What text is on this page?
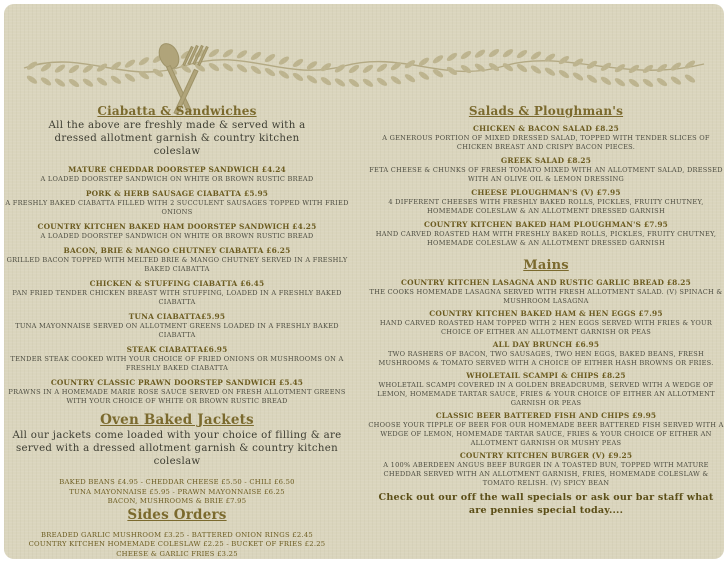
Ciabatta & Sandwiches
All the above are freshly made & served with a dressed allotment garnish & country kitchen coleslaw
MATURE CHEDDAR DOORSTEP SANDWICH £4.24
A LOADED DOORSTEP SANDWICH ON WHITE OR BROWN RUSTIC BREAD
PORK & HERB SAUSAGE CIABATTA £5.95
A FRESHLY BAKED CIABATTA FILLED WITH 2 SUCCULENT SAUSAGES TOPPED WITH FRIED ONIONS
COUNTRY KITCHEN BAKED HAM DOORSTEP SANDWICH £4.25
A LOADED DOORSTEP SANDWICH ON WHITE OR BROWN RUSTIC BREAD
BACON, BRIE & MANGO CHUTNEY CIABATTA £6.25
GRILLED BACON TOPPED WITH MELTED BRIE & MANGO CHUTNEY SERVED IN A FRESHLY BAKED CIABATTA
CHICKEN & STUFFING CIABATTA £6.45
PAN FRIED TENDER CHICKEN BREAST WITH STUFFING, LOADED IN A FRESHLY BAKED CIABATTA
TUNA CIABATTA£5.95
TUNA MAYONNAISE SERVED ON ALLOTMENT GREENS LOADED IN A FRESHLY BAKED CIABATTA
STEAK CIABATTA£6.95
TENDER STEAK COOKED WITH YOUR CHOICE OF FRIED ONIONS OR MUSHROOMS ON A FRESHLY BAKED CIABATTA
COUNTRY CLASSIC PRAWN DOORSTEP SANDWICH £5.45
PRAWNS IN A HOMEMADE MARIE ROSE SAUCE SERVED ON FRESH ALLOTMENT GREENS WITH YOUR CHOICE OF WHITE OR BROWN RUSTIC BREAD
Oven Baked Jackets
All our jackets come loaded with your choice of filling & are served with a dressed allotment garnish & country kitchen coleslaw
BAKED BEANS £4.95 - CHEDDAR CHEESE £5.50 - CHILI £6.50
TUNA MAYONNAISE £5.95 - PRAWN MAYONNAISE £6.25
BACON, MUSHROOMS & BRIE £7.95
Sides Orders
BREADED GARLIC MUSHROOM £3.25 - BATTERED ONION RINGS £2.45
COUNTRY KITCHEN HOMEMADE COLESLAW £2.25 - BUCKET OF FRIES £2.25
CHEESE & GARLIC FRIES £3.25
Salads & Ploughman's
CHICKEN & BACON SALAD £8.25
A GENEROUS PORTION OF MIXED DRESSED SALAD, TOPPED WITH TENDER SLICES OF CHICKEN BREAST AND CRISPY BACON PIECES.
GREEK SALAD £8.25
FETA CHEESE & CHUNKS OF FRESH TOMATO MIXED WITH AN ALLOTMENT SALAD, DRESSED WITH AN OLIVE OIL & LEMON DRESSING
CHEESE PLOUGHMAN'S (V) £7.95
4 DIFFERENT CHEESES WITH FRESHLY BAKED ROLLS, PICKLES, FRUITY CHUTNEY, HOMEMADE COLESLAW & AN ALLOTMENT DRESSED GARNISH
COUNTRY KITCHEN BAKED HAM PLOUGHMAN'S £7.95
HAND CARVED ROASTED HAM WITH FRESHLY BAKED ROLLS, PICKLES, FRUITY CHUTNEY, HOMEMADE COLESLAW & AN ALLOTMENT DRESSED GARNISH
Mains
COUNTRY KITCHEN LASAGNA AND RUSTIC GARLIC BREAD £8.25
THE COOKS HOMEMADE LASAGNA SERVED WITH FRESH ALLOTMENT SALAD. (V) SPINACH & MUSHROOM LASAGNA
COUNTRY KITCHEN BAKED HAM & HEN EGGS £7.95
HAND CARVED ROASTED HAM TOPPED WITH 2 HEN EGGS SERVED WITH FRIES & YOUR CHOICE OF EITHER AN ALLOTMENT GARNISH OR PEAS
ALL DAY BRUNCH £6.95
TWO RASHERS OF BACON, TWO SAUSAGES, TWO HEN EGGS, BAKED BEANS, FRESH MUSHROOMS & TOMATO SERVED WITH A CHOICE OF EITHER HASH BROWNS OR FRIES.
WHOLETAIL SCAMPI & CHIPS £8.25
WHOLETAIL SCAMPI COVERED IN A GOLDEN BREADCRUMB, SERVED WITH A WEDGE OF LEMON, HOMEMADE TARTAR SAUCE, FRIES & YOUR CHOICE OF EITHER AN ALLOTMENT GARNISH OR PEAS
CLASSIC BEER BATTERED FISH AND CHIPS £9.95
CHOOSE YOUR TIPPLE OF BEER FOR OUR HOMEMADE BEER BATTERED FISH SERVED WITH A WEDGE OF LEMON, HOMEMADE TARTAR SAUCE, FRIES & YOUR CHOICE OF EITHER AN ALLOTMENT GARNISH OR MUSHY PEAS
COUNTRY KITCHEN BURGER (V) £9.25
A 100% ABERDEEN ANGUS BEEF BURGER IN A TOASTED BUN, TOPPED WITH MATURE CHEDDAR SERVED WITH AN ALLOTMENT GARNISH, FRIES, HOMEMADE COLESLAW & TOMATO RELISH. (V) SPICY BEAN
Check out our off the wall specials or ask our bar staff what are pennies special today....
